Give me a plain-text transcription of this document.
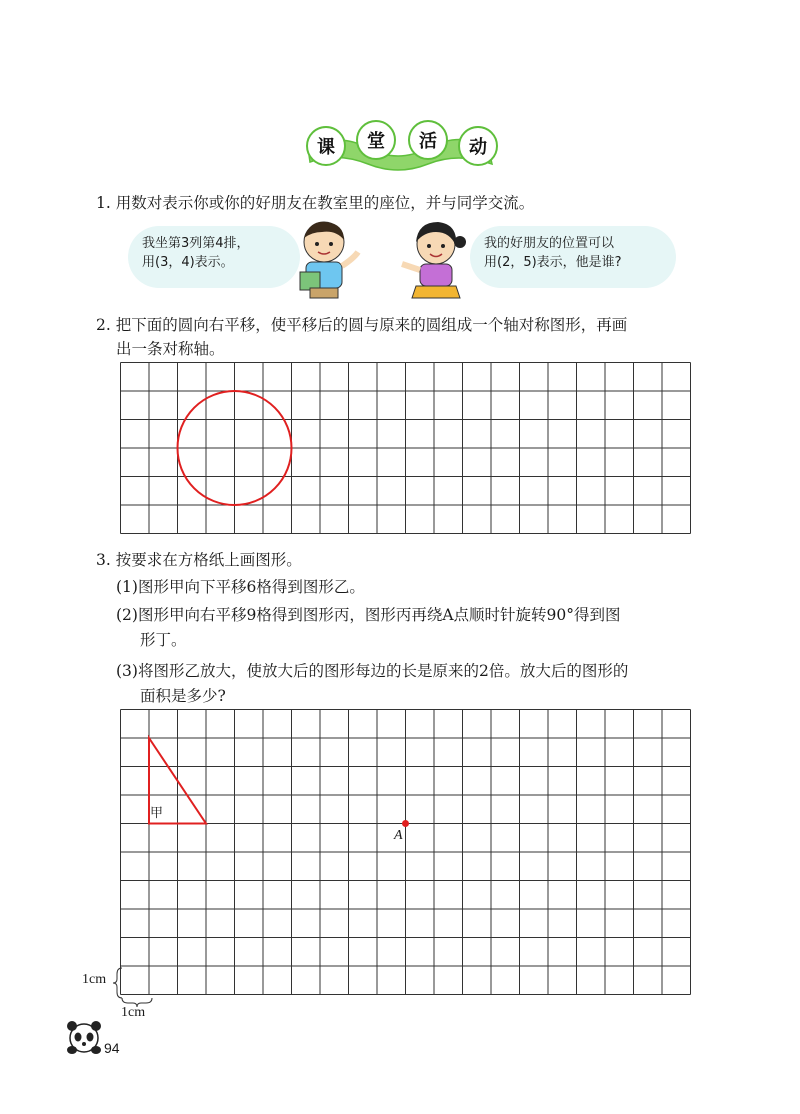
课	堂	活	动
1. 用数对表示你或你的好朋友在教室里的座位，并与同学交流。
我坐第3列第4排，
用(3，4)表示。
我的好朋友的位置可以
用(2，5)表示，他是谁?
2. 把下面的圆向右平移，使平移后的圆与原来的圆组成一个轴对称图形，再画
出一条对称轴。
3. 按要求在方格纸上画图形。
(1)图形甲向下平移6格得到图形乙。
(2)图形甲向右平移9格得到图形丙，图形丙再绕A点顺时针旋转90°得到图
形丁。
(3)将图形乙放大，使放大后的图形每边的长是原来的2倍。放大后的图形的
面积是多少?
甲
A
1cm
1cm
94
